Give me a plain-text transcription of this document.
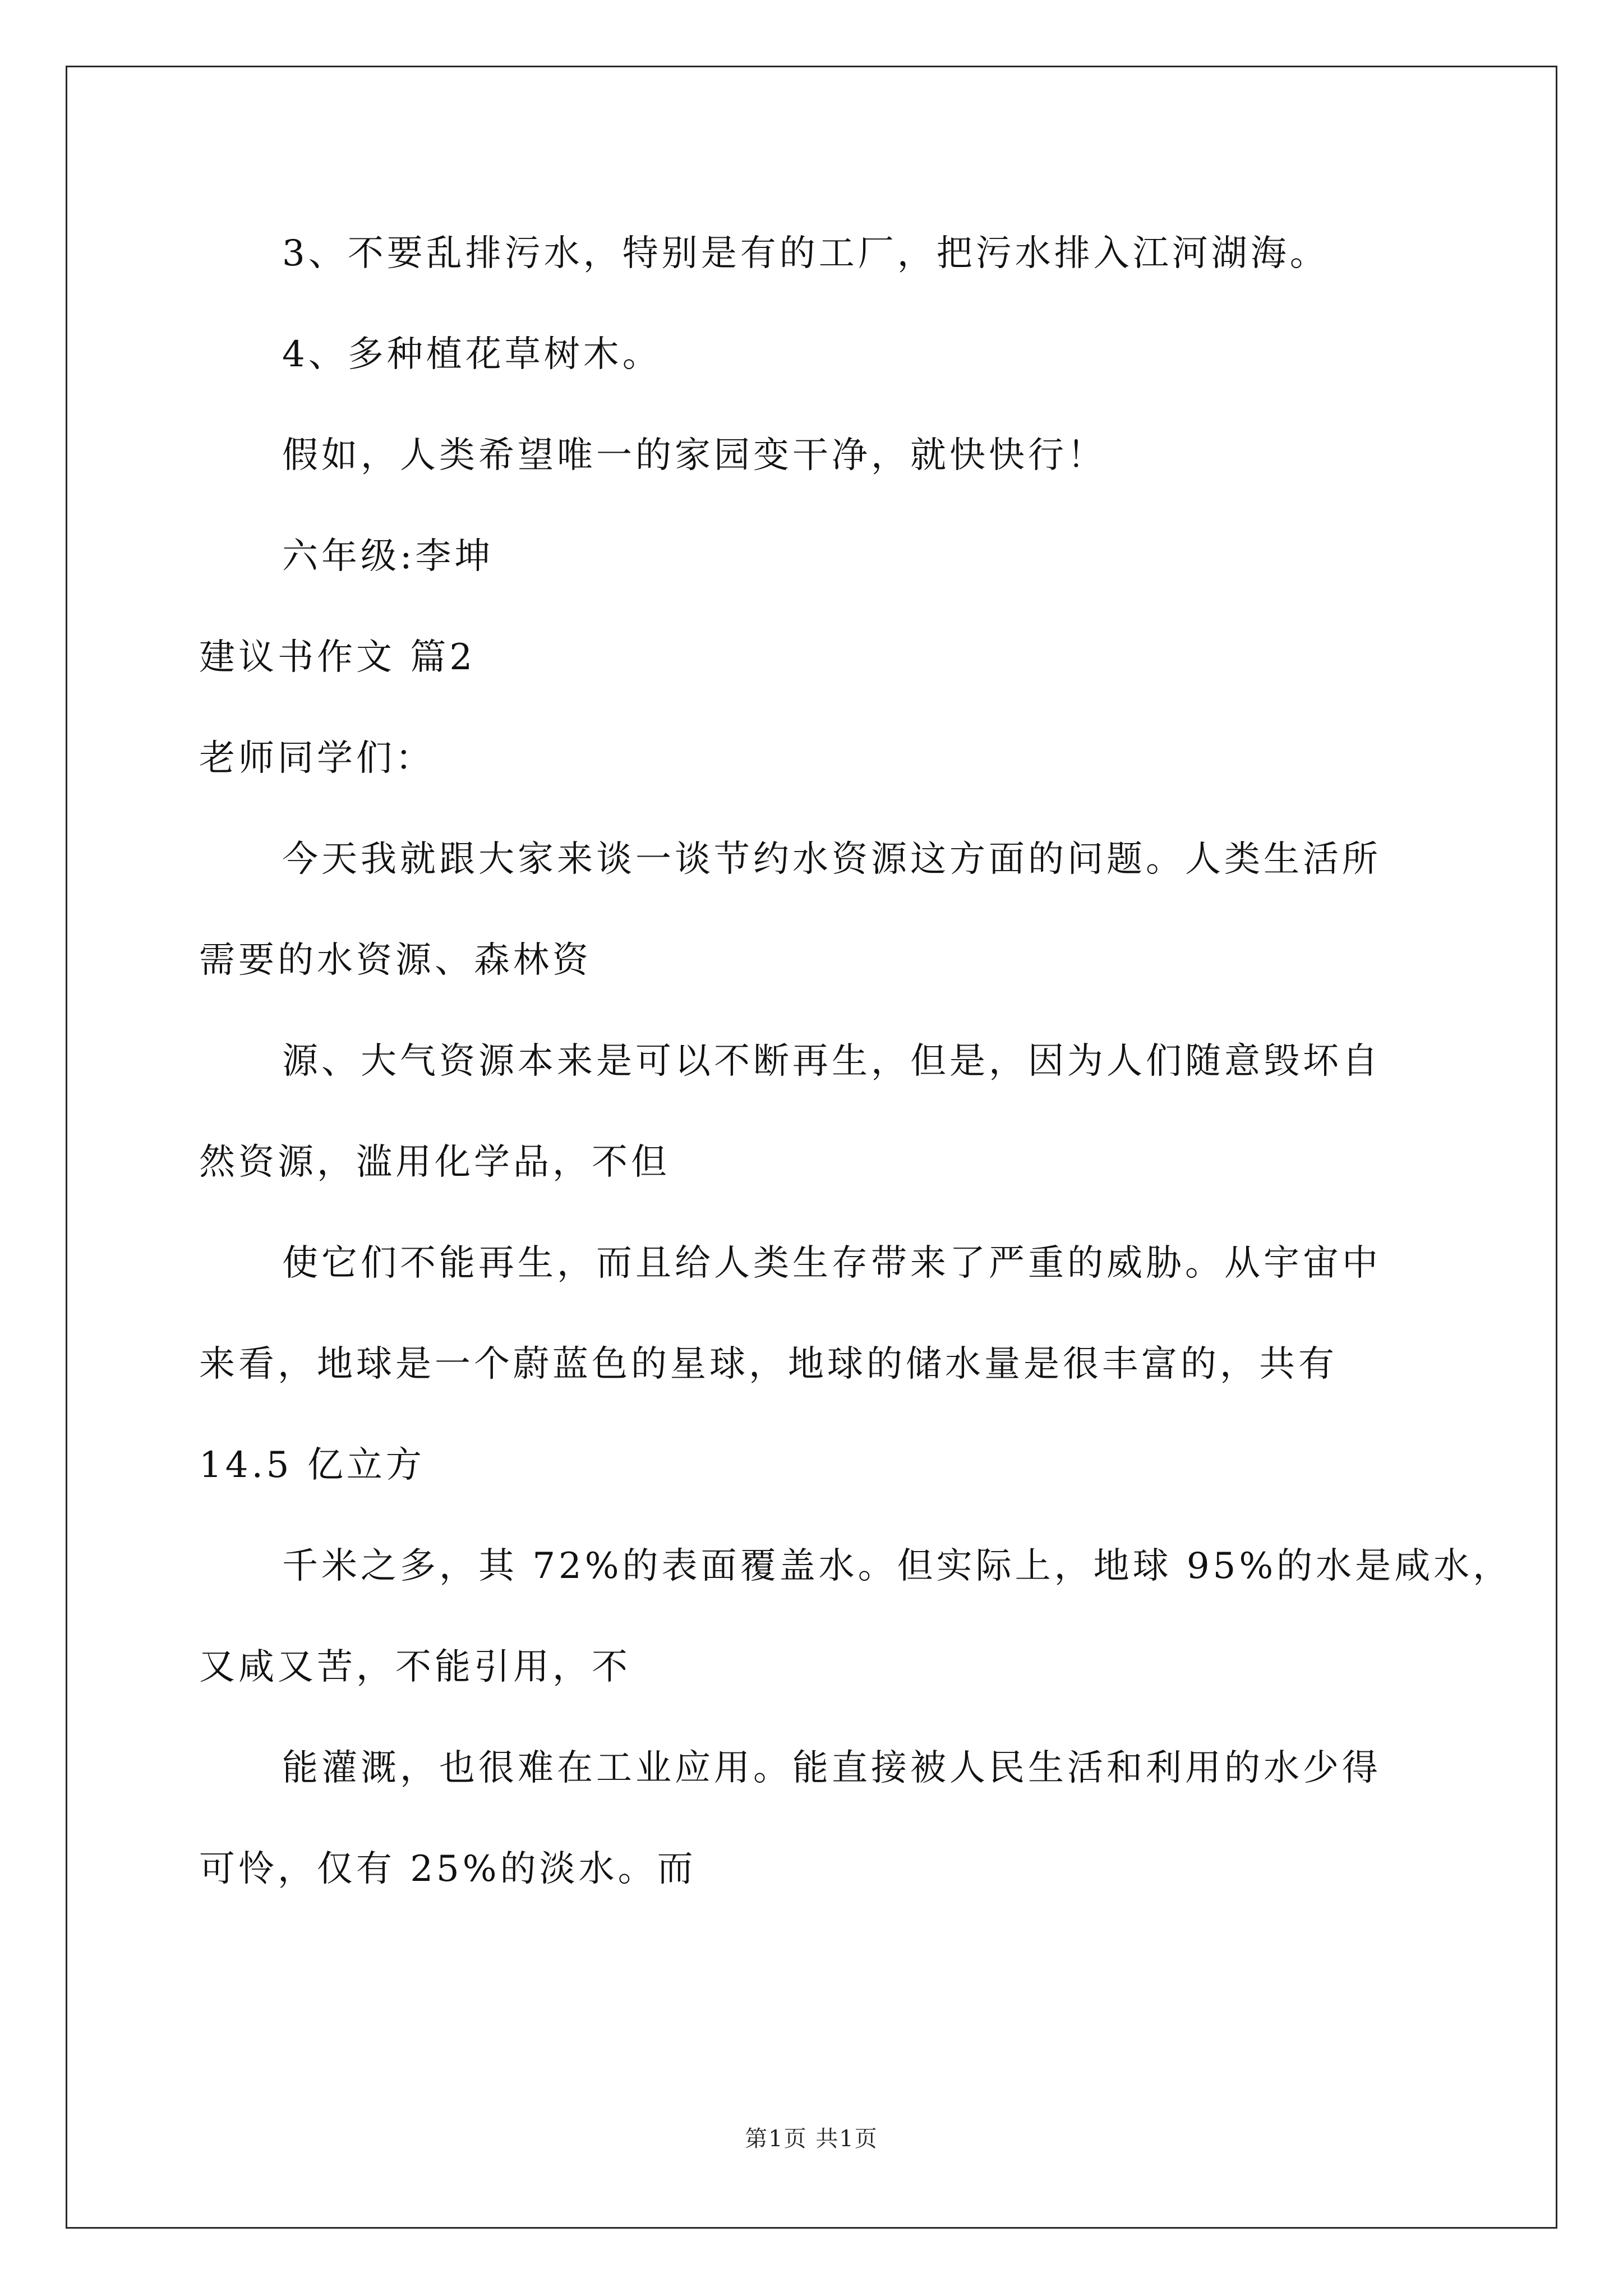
3、不要乱排污水，特别是有的工厂，把污水排入江河湖海。
4、多种植花草树木。
假如，人类希望唯一的家园变干净，就快快行！
六年级:李坤
建议书作文 篇2
老师同学们：
今天我就跟大家来谈一谈节约水资源这方面的问题。人类生活所
需要的水资源、森林资
源、大气资源本来是可以不断再生，但是，因为人们随意毁坏自
然资源，滥用化学品，不但
使它们不能再生，而且给人类生存带来了严重的威胁。从宇宙中
来看，地球是一个蔚蓝色的星球，地球的储水量是很丰富的，共有
14.5 亿立方
千米之多，其 72%的表面覆盖水。但实际上，地球 95%的水是咸水，
又咸又苦，不能引用，不
能灌溉，也很难在工业应用。能直接被人民生活和利用的水少得
可怜，仅有 25%的淡水。而
第1页 共1页
